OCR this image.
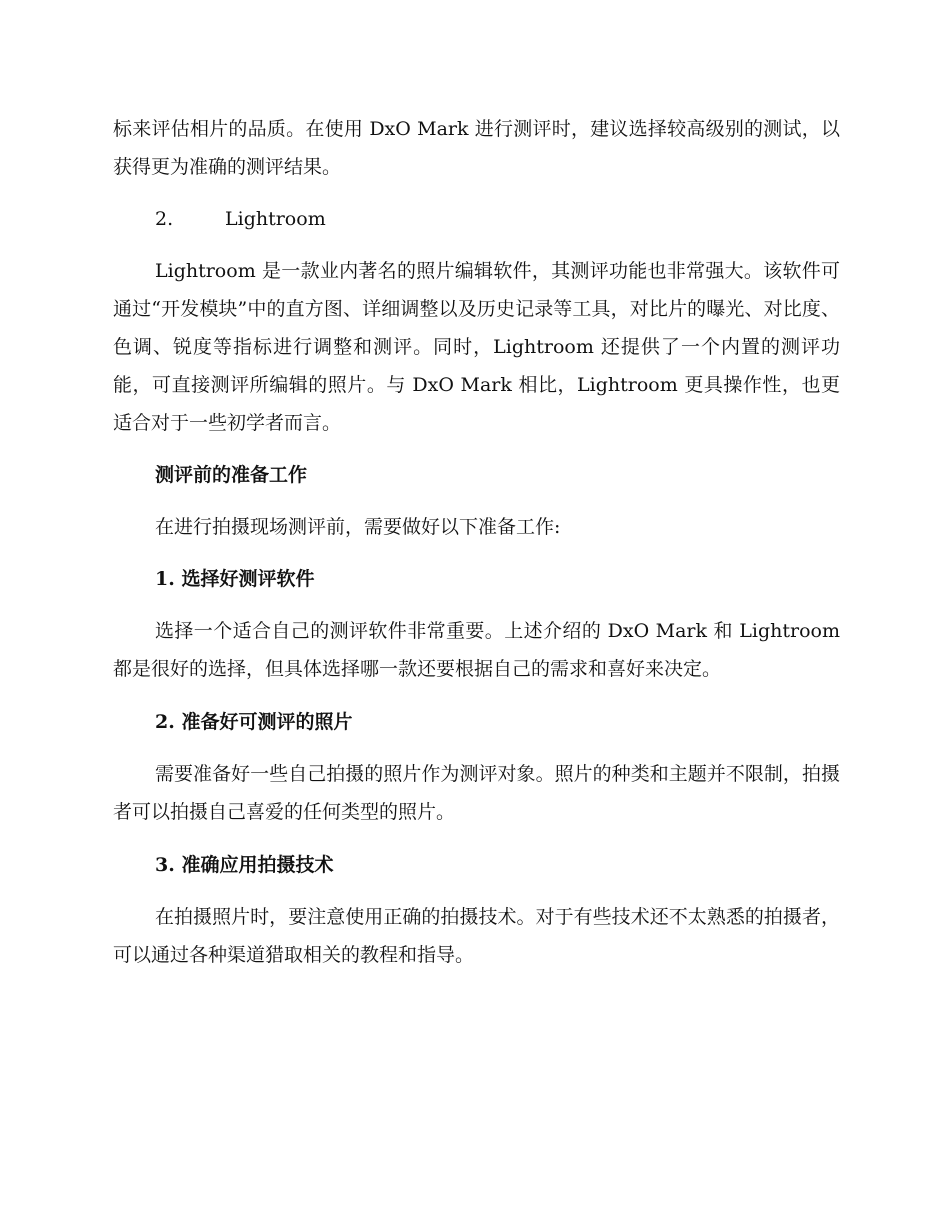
标来评估相片的品质。在使用 DxO Mark 进行测评时，建议选择较高级别的测试，以获得更为准确的测评结果。

2.	Lightroom

Lightroom 是一款业内著名的照片编辑软件，其测评功能也非常强大。该软件可通过“开发模块”中的直方图、详细调整以及历史记录等工具，对比片的曝光、对比度、色调、锐度等指标进行调整和测评。同时，Lightroom 还提供了一个内置的测评功能，可直接测评所编辑的照片。与 DxO Mark 相比，Lightroom 更具操作性，也更适合对于一些初学者而言。

测评前的准备工作

在进行拍摄现场测评前，需要做好以下准备工作:

1. 选择好测评软件

选择一个适合自己的测评软件非常重要。上述介绍的 DxO Mark 和 Lightroom 都是很好的选择，但具体选择哪一款还要根据自己的需求和喜好来决定。

2. 准备好可测评的照片

需要准备好一些自己拍摄的照片作为测评对象。照片的种类和主题并不限制，拍摄者可以拍摄自己喜爱的任何类型的照片。

3. 准确应用拍摄技术

在拍摄照片时，要注意使用正确的拍摄技术。对于有些技术还不太熟悉的拍摄者，可以通过各种渠道猎取相关的教程和指导。
